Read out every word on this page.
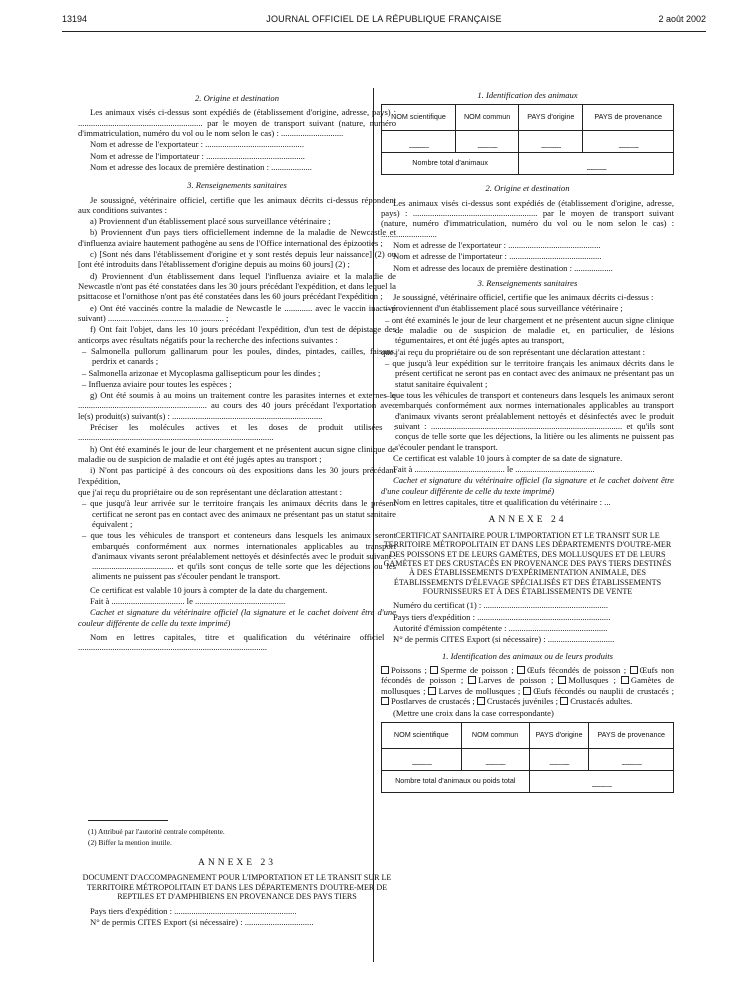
13194	JOURNAL OFFICIEL DE LA RÉPUBLIQUE FRANÇAISE	2 août 2002
2. Origine et destination

Les animaux visés ci-dessus sont expédiés de (établissement d'origine, adresse, pays) : .......................................................... par le moyen de transport suivant (nature, numéro d'immatriculation, numéro du vol ou le nom selon le cas) : .............................

Nom et adresse de l'exportateur : ..............................................

Nom et adresse de l'importateur : ..............................................

Nom et adresse des locaux de première destination : ...................

3. Renseignements sanitaires

Je soussigné, vétérinaire officiel, certifie que les animaux décrits ci-dessus répondent aux conditions suivantes :

a) Proviennent d'un établissement placé sous surveillance vétérinaire ;

b) Proviennent d'un pays tiers officiellement indemne de la maladie de Newcastle et d'influenza aviaire hautement pathogène au sens de l'Office international des épizooties ;

c) [Sont nés dans l'établissement d'origine et y sont restés depuis leur naissance] (2) ou [ont été introduits dans l'établissement d'origine depuis au moins 60 jours] (2) ;

d) Proviennent d'un établissement dans lequel l'influenza aviaire et la maladie de Newcastle n'ont pas été constatées dans les 30 jours précédant l'expédition, et dans lequel la psittacose et l'ornithose n'ont pas été constatées dans les 60 jours précédant l'expédition ;

e) Ont été vaccinés contre la maladie de Newcastle le ............. avec le vaccin inactivé suivant) ...................................................... ;

f) Ont fait l'objet, dans les 10 jours précédant l'expédition, d'un test de dépistage des anticorps avec résultats négatifs pour la recherche des infections suivantes :

– Salmonella pullorum gallinarum pour les poules, dindes, pintades, cailles, faisans, perdrix et canards ;

– Salmonella arizonae et Mycoplasma gallisepticum pour les dindes ;

– Influenza aviaire pour toutes les espèces ;

g) Ont été soumis à au moins un traitement contre les parasites internes et externes le ............................................................ au cours des 40 jours précédant l'exportation avec le(s) produit(s) suivant(s) : ......................................................................

Préciser les molécules actives et les doses de produit utilisées : ...........................................................................................

h) Ont été examinés le jour de leur chargement et ne présentent aucun signe clinique de maladie ou de suspicion de maladie et ont été jugés aptes au transport ;

i) N'ont pas participé à des concours où des expositions dans les 30 jours précédant l'expédition,

que j'ai reçu du propriétaire ou de son représentant une déclaration attestant :

– que jusqu'à leur arrivée sur le territoire français les animaux décrits dans le présent certificat ne seront pas en contact avec des animaux ne présentant pas un statut sanitaire équivalent ;

– que tous les véhicules de transport et conteneurs dans lesquels les animaux seront embarqués conformément aux normes internationales applicables au transport d'animaux vivants seront préalablement nettoyés et désinfectés avec le produit suivant : ...................................... et qu'ils sont conçus de telle sorte que les déjections ou les aliments ne puissent pas s'écouler pendant le transport.

Ce certificat est valable 10 jours à compter de la date du chargement.

Fait à .................................. le ..........................................

Cachet et signature du vétérinaire officiel (la signature et le cachet doivent être d'une couleur différente de celle du texte imprimé)

Nom en lettres capitales, titre et qualification du vétérinaire officiel : ........................................................................................

(1) Attribué par l'autorité centrale compétente.
(2) Biffer la mention inutile.
ANNEXE 23
DOCUMENT D'ACCOMPAGNEMENT POUR L'IMPORTATION ET LE TRANSIT SUR LE TERRITOIRE MÉTROPOLITAIN ET DANS LES DÉPARTEMENTS D'OUTRE-MER DE REPTILES ET D'AMPHIBIENS EN PROVENANCE DES PAYS TIERS

Pays tiers d'expédition : .........................................................

N° de permis CITES Export (si nécessaire) : ................................

1. Identification des animaux
NOM scientifique	NOM commun	PAYS d'origine	PAYS de provenance
.....................	.....................	.....................	.....................
Nombre total d'animaux		.....................	
2. Origine et destination

Les animaux visés ci-dessus sont expédiés de (établissement d'origine, adresse, pays) : .......................................................... par le moyen de transport suivant (nature, numéro d'immatriculation, numéro du vol ou le nom selon le cas) : ..........................

Nom et adresse de l'exportateur : ...........................................

Nom et adresse de l'importateur : ...........................................

Nom et adresse des locaux de première destination : ..................

3. Renseignements sanitaires

Je soussigné, vétérinaire officiel, certifie que les animaux décrits ci-dessus :

– proviennent d'un établissement placé sous surveillance vétérinaire ;

– ont été examinés le jour de leur chargement et ne présentent aucun signe clinique de maladie ou de suspicion de maladie et, en particulier, de lésions tégumentaires, et ont été jugés aptes au transport,

que j'ai reçu du propriétaire ou de son représentant une déclaration attestant :

– que jusqu'à leur expédition sur le territoire français les animaux décrits dans le présent certificat ne seront pas en contact avec des animaux ne présentant pas un statut sanitaire équivalent ;

– que tous les véhicules de transport et conteneurs dans lesquels les animaux seront embarqués conformément aux normes internationales applicables au transport d'animaux vivants seront préalablement nettoyés et désinfectés avec le produit suivant : ......................................................................................... et qu'ils sont conçus de telle sorte que les déjections, la litière ou les aliments ne puissent pas s'écouler pendant le transport.

Ce certificat est valable 10 jours à compter de sa date de signature.

Fait à .......................................... le .....................................

Cachet et signature du vétérinaire officiel (la signature et le cachet doivent être d'une couleur différente de celle du texte imprimé)

Nom en lettres capitales, titre et qualification du vétérinaire : ...

ANNEXE 24
CERTIFICAT SANITAIRE POUR L'IMPORTATION ET LE TRANSIT SUR LE TERRITOIRE MÉTROPOLITAIN ET DANS LES DÉPARTEMENTS D'OUTRE-MER DES POISSONS ET DE LEURS GAMÈTES, DES MOLLUSQUES ET DE LEURS GAMÈTES ET DES CRUSTACÉS EN PROVENANCE DES PAYS TIERS DESTINÉS À DES ÉTABLISSEMENTS D'EXPÉRIMENTATION ANIMALE, DES ÉTABLISSEMENTS D'ÉLEVAGE SPÉCIALISÉS ET DES ÉTABLISSEMENTS FOURNISSEURS ET À DES ÉTABLISSEMENTS DE VENTE

Numéro du certificat (1) : ..........................................................

Pays tiers d'expédition : ..............................................................

Autorité d'émission compétente : ..............................................

N° de permis CITES Export (si nécessaire) : ...............................

1. Identification des animaux ou de leurs produits

Poissons ; Sperme de poisson ; Œufs fécondés de poisson ; Œufs non fécondés de poisson ; Larves de poisson ; Mollusques ; Gamètes de mollusques ; Larves de mollusques ; Œufs fécondés ou nauplii de crustacés ; Postlarves de crustacés ; Crustacés juvéniles ; Crustacés adultes.

(Mettre une croix dans la case correspondante)

NOM scientifique	NOM commun	PAYS d'origine	PAYS de provenance
.....................	.....................	.....................	.....................
Nombre total d'animaux ou poids total		.....................	
